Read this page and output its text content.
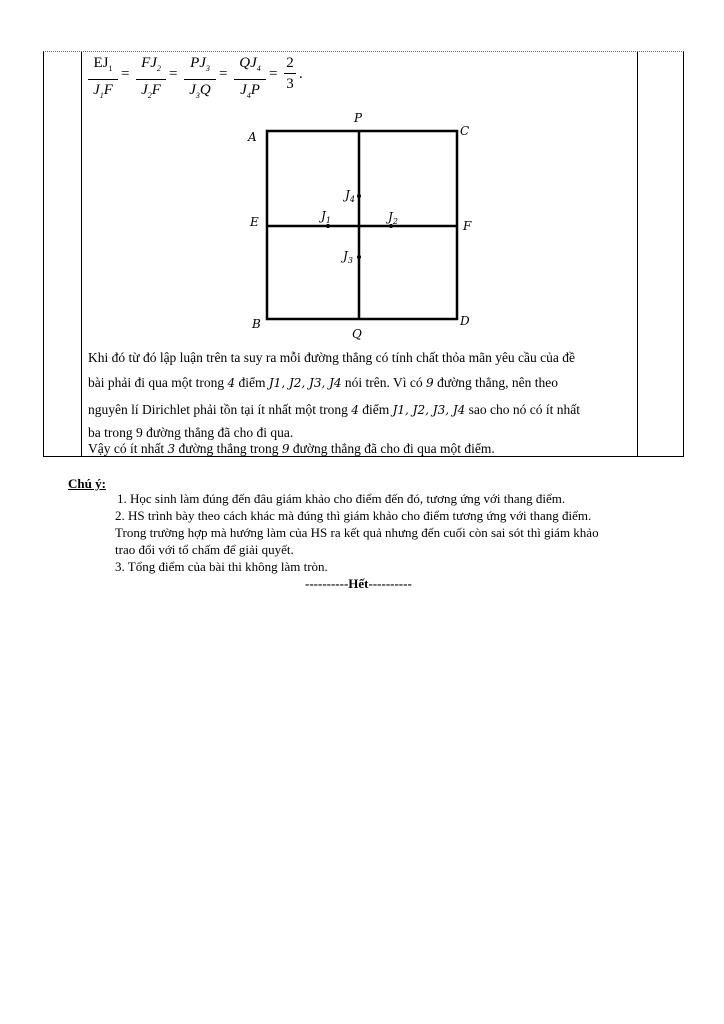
$EJ_1$
$J_1F$
=
$FJ_2$
$J_2F$
=
$PJ_3$
$J_3Q$
=
$QJ_4$
$J_4P$
=
2
3
.
A	C
B	D
P
Q
E	F
$J_1$	$J_2$
$J_3$
$J_4$
Khi đó từ đó lập luận trên ta suy ra mỗi đường thẳng có tính chất thỏa mãn yêu cầu của đề
bài phải đi qua một trong 4 điểm J1, J2, J3, J4 nói trên. Vì có 9 đường thẳng, nên theo
nguyên lí Dirichlet phải tồn tại ít nhất một trong 4 điểm J1, J2, J3, J4 sao cho nó có ít nhất
ba trong 9 đường thẳng đã cho đi qua.
Vậy có ít nhất 3 đường thẳng trong 9 đường thẳng đã cho đi qua một điểm.
Chú ý:
1. Học sinh làm đúng đến đâu giám khảo cho điểm đến đó, tương ứng với thang điểm.
2. HS trình bày theo cách khác mà đúng thì giám khảo cho điểm tương ứng với thang điểm.
Trong trường hợp mà hướng làm của HS ra kết quả nhưng đến cuối còn sai sót thì giám khảo
trao đổi với tổ chấm để giải quyết.
3. Tổng điểm của bài thi không làm tròn.
----------Hết----------
